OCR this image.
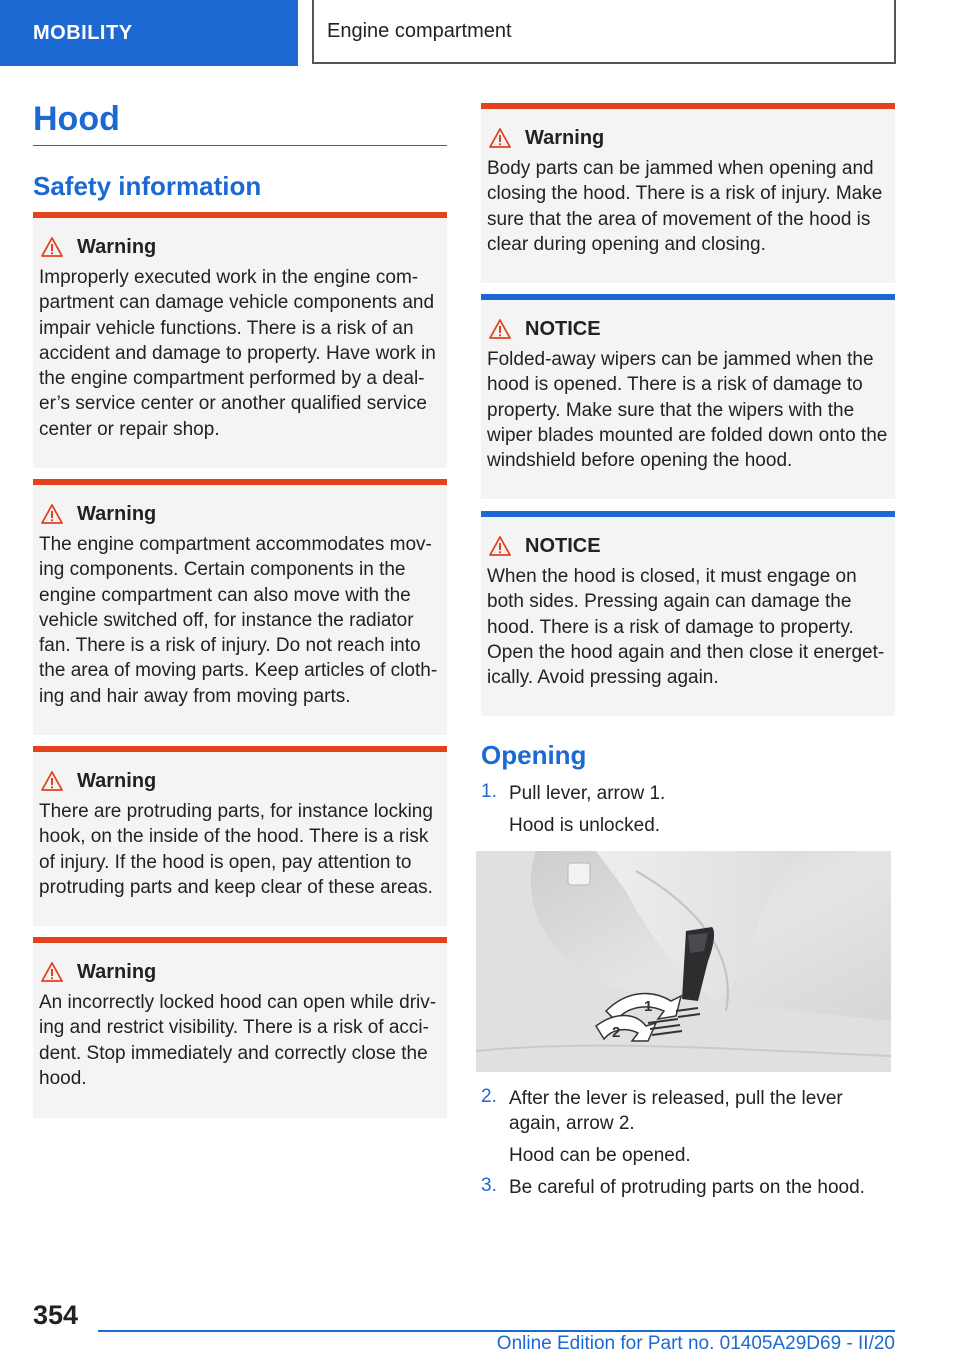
MOBILITY	Engine compartment
Hood
Safety information
Warning
Improperly executed work in the engine com-partment can damage vehicle components and impair vehicle functions. There is a risk of an accident and damage to property. Have work in the engine compartment performed by a deal-er’s service center or another qualified service center or repair shop.
Warning
The engine compartment accommodates mov-ing components. Certain components in the engine compartment can also move with the vehicle switched off, for instance the radiator fan. There is a risk of injury. Do not reach into the area of moving parts. Keep articles of cloth-ing and hair away from moving parts.
Warning
There are protruding parts, for instance locking hook, on the inside of the hood. There is a risk of injury. If the hood is open, pay attention to protruding parts and keep clear of these areas.
Warning
An incorrectly locked hood can open while driv-ing and restrict visibility. There is a risk of acci-dent. Stop immediately and correctly close the hood.
Warning
Body parts can be jammed when opening and closing the hood. There is a risk of injury. Make sure that the area of movement of the hood is clear during opening and closing.
NOTICE
Folded-away wipers can be jammed when the hood is opened. There is a risk of damage to property. Make sure that the wipers with the wiper blades mounted are folded down onto the windshield before opening the hood.
NOTICE
When the hood is closed, it must engage on both sides. Pressing again can damage the hood. There is a risk of damage to property. Open the hood again and then close it energet-ically. Avoid pressing again.
Opening
1. Pull lever, arrow 1.
Hood is unlocked.
1
2
2. After the lever is released, pull the lever again, arrow 2.
Hood can be opened.
3. Be careful of protruding parts on the hood.
354
Online Edition for Part no. 01405A29D69 - II/20
